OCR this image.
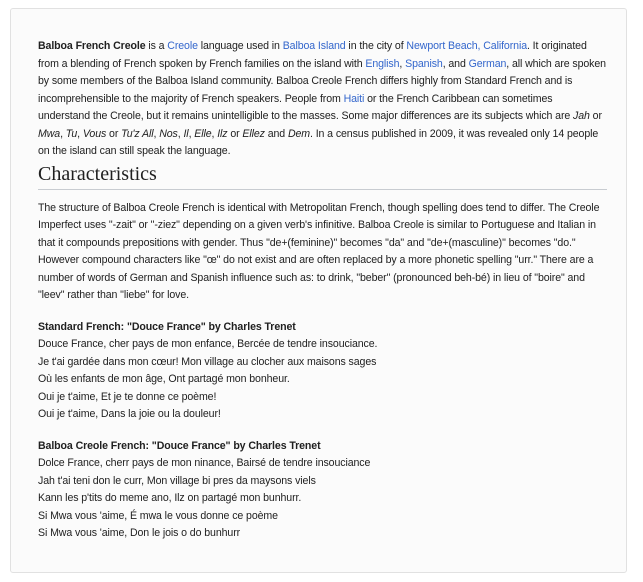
Balboa French Creole is a Creole language used in Balboa Island in the city of Newport Beach, California. It originated from a blending of French spoken by French families on the island with English, Spanish, and German, all which are spoken by some members of the Balboa Island community. Balboa Creole French differs highly from Standard French and is incomprehensible to the majority of French speakers. People from Haiti or the French Caribbean can sometimes understand the Creole, but it remains unintelligible to the masses. Some major differences are its subjects which are Jah or Mwa, Tu, Vous or Tu'z All, Nos, Il, Elle, Ilz or Ellez and Dem. In a census published in 2009, it was revealed only 14 people on the island can still speak the language.

Characteristics

The structure of Balboa Creole French is identical with Metropolitan French, though spelling does tend to differ. The Creole Imperfect uses "-zait" or "-ziez" depending on a given verb's infinitive. Balboa Creole is similar to Portuguese and Italian in that it compounds prepositions with gender. Thus "de+(feminine)" becomes "da" and "de+(masculine)" becomes "do." However compound characters like "œ" do not exist and are often replaced by a more phonetic spelling "urr." There are a number of words of German and Spanish influence such as: to drink, "beber" (pronounced beh-bé) in lieu of "boire" and "leev" rather than "liebe" for love.

Standard French: "Douce France" by Charles Trenet
Douce France, cher pays de mon enfance, Bercée de tendre insouciance.
Je t'ai gardée dans mon cœur! Mon village au clocher aux maisons sages
Où les enfants de mon âge, Ont partagé mon bonheur.
Oui je t'aime, Et je te donne ce poème!
Oui je t'aime, Dans la joie ou la douleur!
Balboa Creole French: "Douce France" by Charles Trenet
Dolce France, cherr pays de mon ninance, Bairsé de tendre insouciance
Jah t'ai teni don le curr, Mon village bi pres da maysons viels
Kann les p'tits do meme ano, Ilz on partagé mon bunhurr.
Si Mwa vous 'aime, É mwa le vous donne ce poème
Si Mwa vous 'aime, Don le jois o do bunhurr
